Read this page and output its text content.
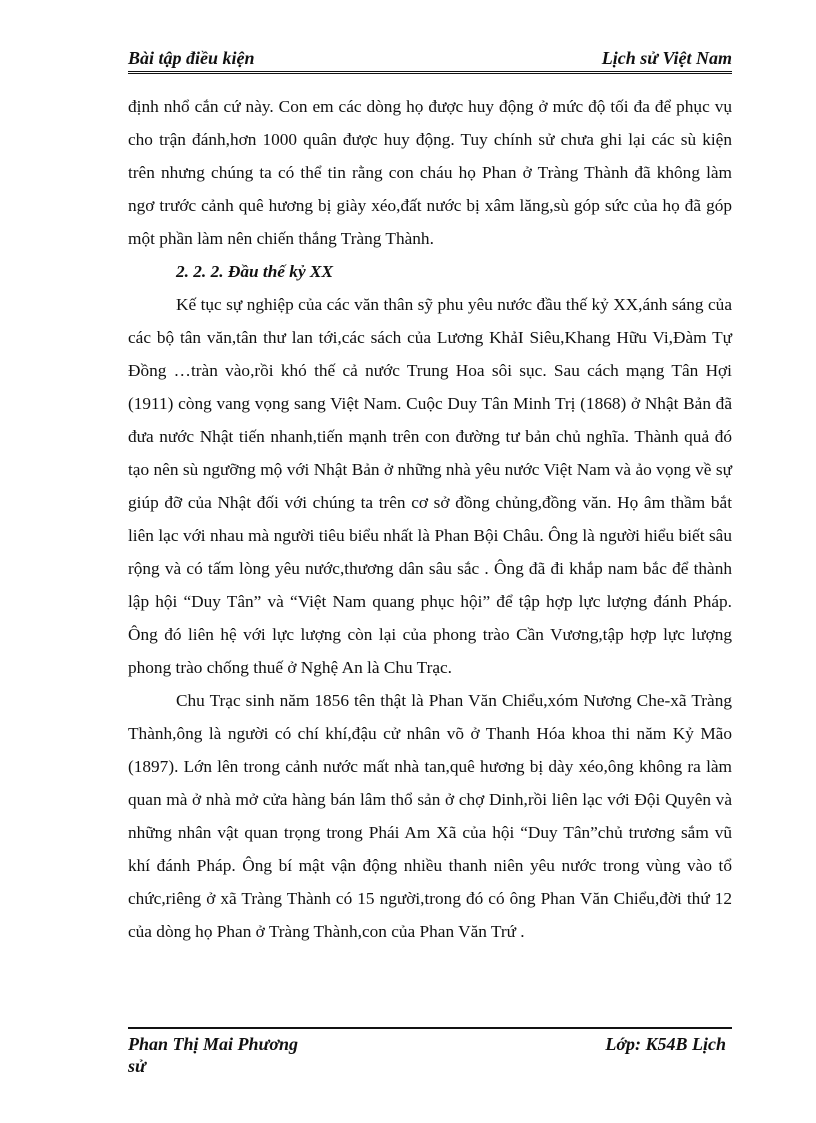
Bài tập điều kiện	Lịch sử Việt Nam

định nhổ cắn cứ này. Con em các dòng họ được huy động ở mức độ tối đa để phục vụ cho trận đánh,hơn 1000 quân được huy động. Tuy chính sử chưa ghi lại các sù kiện trên nhưng chúng ta có thể tin rằng con cháu họ Phan ở Tràng Thành đã không làm ngơ trước cảnh quê hương bị giày xéo,đất nước bị xâm lăng,sù góp sức của họ đã góp một phần làm nên chiến thắng Tràng Thành.

2. 2. 2. Đầu thế kỷ XX

Kế tục sự nghiệp của các văn thân sỹ phu yêu nước đầu thế kỷ XX,ánh sáng của các bộ tân văn,tân thư lan tới,các sách của Lương KhảI Siêu,Khang Hữu Vi,Đàm Tự Đồng …tràn vào,rồi khó thế cả nước Trung Hoa sôi sục. Sau cách mạng Tân Hợi (1911) còng vang vọng sang Việt Nam. Cuộc Duy Tân Minh Trị (1868) ở Nhật Bản đã đưa nước Nhật tiến nhanh,tiến mạnh trên con đường tư bản chủ nghĩa. Thành quả đó tạo nên sù ngưỡng mộ với Nhật Bản ở những nhà yêu nước Việt Nam và ảo vọng về sự giúp đỡ của Nhật đối với chúng ta trên cơ sở đồng chủng,đồng văn. Họ âm thầm bắt liên lạc với nhau mà người tiêu biểu nhất là Phan Bội Châu. Ông là người hiểu biết sâu rộng và có tấm lòng yêu nước,thương dân sâu sắc . Ông đã đi khắp nam bắc để thành lập hội “Duy Tân” và “Việt Nam quang phục hội” để tập hợp lực lượng đánh Pháp. Ông đó liên hệ với lực lượng còn lại của phong trào Cần Vương,tập hợp lực lượng phong trào chống thuế ở Nghệ An là Chu Trạc.

Chu Trạc sinh năm 1856 tên thật là Phan Văn Chiểu,xóm Nương Che-xã Tràng Thành,ông là người có chí khí,đậu cử nhân võ ở Thanh Hóa khoa thi năm Kỷ Mão (1897). Lớn lên trong cảnh nước mất nhà tan,quê hương bị dày xéo,ông không ra làm quan mà ở nhà mở cửa hàng bán lâm thổ sản ở chợ Dinh,rồi liên lạc với Đội Quyên và những nhân vật quan trọng trong Phái Am Xã của hội “Duy Tân”chủ trương sắm vũ khí đánh Pháp. Ông bí mật vận động nhiều thanh niên yêu nước trong vùng vào tổ chức,riêng ở xã Tràng Thành có 15 người,trong đó có ông Phan Văn Chiểu,đời thứ 12 của dòng họ Phan ở Tràng Thành,con của Phan Văn Trứ .

Phan Thị Mai Phương sử
Lớp: K54B Lịch
